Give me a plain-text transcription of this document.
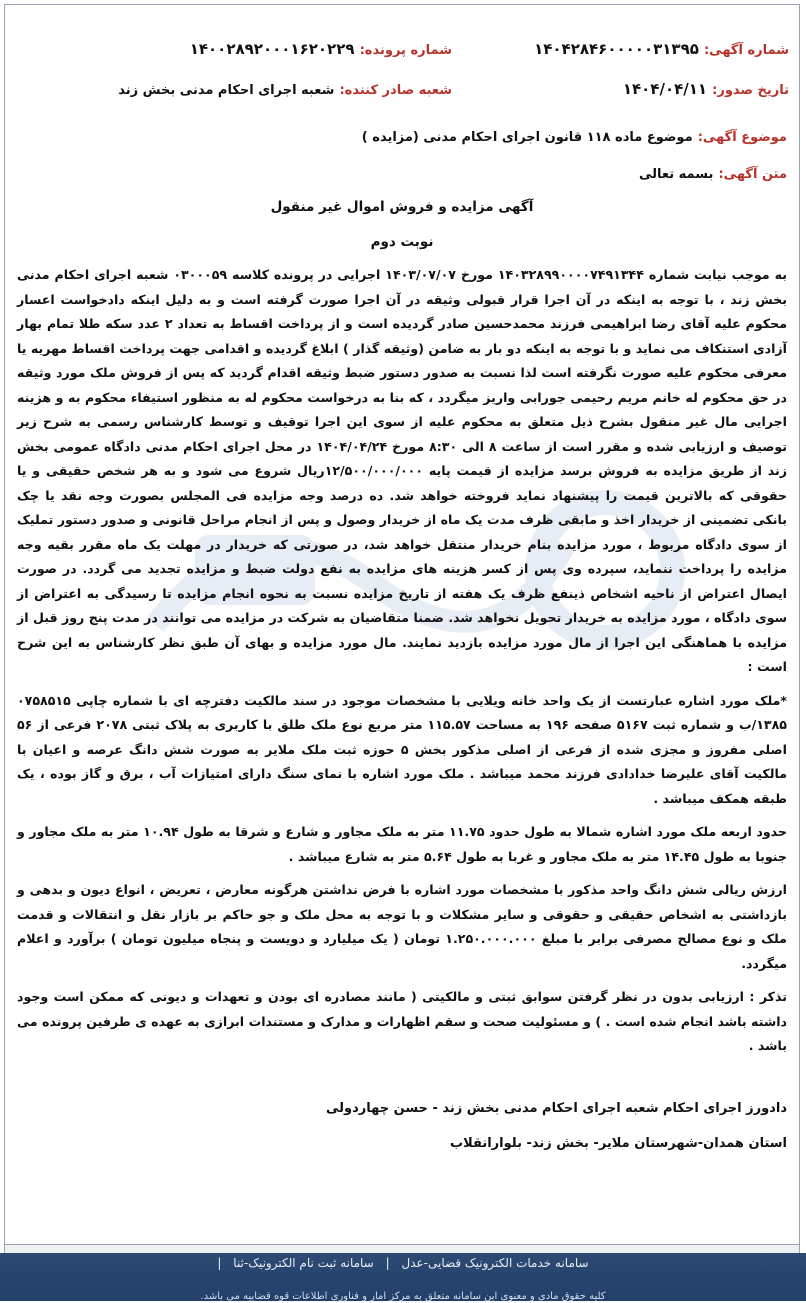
شماره آگهی: ۱۴۰۴۲۸۴۶۰۰۰۰۰۳۱۳۹۵
شماره پرونده: ۱۴۰۰۲۸۹۲۰۰۰۱۶۲۰۲۲۹
تاریخ صدور: ۱۴۰۴/۰۴/۱۱
شعبه صادر کننده: شعبه اجرای احکام مدنی بخش زند
موضوع آگهی: موضوع ماده ۱۱۸ قانون اجرای احکام مدنی (مزایده )
متن آگهی: بسمه تعالی
آگهی مزایده و فروش اموال غیر منقول
نوبت دوم

به موجب نیابت شماره ۱۴۰۳۲۸۹۹۰۰۰۰۷۴۹۱۳۴۴ مورخ ۱۴۰۳/۰۷/۰۷ اجرایی در پرونده کلاسه ۰۳۰۰۰۵۹ شعبه اجرای احکام مدنی بخش زند ، با توجه به اینکه در آن اجرا قرار قبولی وثیقه در آن اجرا صورت گرفته است و به دلیل اینکه دادخواست اعسار محکوم علیه آقای رضا ابراهیمی فرزند محمدحسین صادر گردیده است و از پرداخت اقساط به تعداد ۲ عدد سکه طلا تمام بهار آزادی استنکاف می نماید و با توجه به اینکه دو بار به ضامن (وثیقه گذار ) ابلاغ گردیده و اقدامی جهت پرداخت اقساط مهریه یا معرفی محکوم علیه صورت نگرفته است لذا نسبت به صدور دستور ضبط وثیقه اقدام گردید که پس از فروش ملک مورد وثیقه در حق محکوم له خانم مریم رحیمی جورابی واریز میگردد ، که بنا به درخواست محکوم له به منظور استیفاء محکوم به و هزینه اجرایی مال غیر منقول بشرح ذیل متعلق به محکوم علیه از سوی این اجرا توقیف و توسط کارشناس رسمی به شرح زیر توصیف و ارزیابی شده و مقرر است از ساعت ۸ الی ۸:۳۰ مورخ ۱۴۰۴/۰۴/۲۴ در محل اجرای احکام مدنی دادگاه عمومی بخش زند از طریق مزایده به فروش برسد مزایده از قیمت پایه ۱۲/۵۰۰/۰۰۰/۰۰۰ریال شروع می شود و به هر شخص حقیقی و یا حقوقی که بالاترین قیمت را پیشنهاد نماید فروخته خواهد شد. ده درصد وجه مزایده فی المجلس بصورت وجه نقد یا چک بانکی تضمینی از خریدار اخذ و مابقی ظرف مدت یک ماه از خریدار وصول و پس از انجام مراحل قانونی و صدور دستور تملیک از سوی دادگاه مربوط ، مورد مزایده بنام خریدار منتقل خواهد شد، در صورتی که خریدار در مهلت یک ماه مقرر بقیه وجه مزایده را پرداخت ننماید، سپرده وی پس از کسر هزینه های مزایده به نفع دولت ضبط و مزایده تجدید می گردد. در صورت ایصال اعتراض از ناحیه اشخاص ذینفع ظرف یک هفته از تاریخ مزایده نسبت به نحوه انجام مزایده تا رسیدگی به اعتراض از سوی دادگاه ، مورد مزایده به خریدار تحویل نخواهد شد. ضمنا متقاضیان به شرکت در مزایده می توانند در مدت پنج روز قبل از مزایده با هماهنگی این اجرا از مال مورد مزایده بازدید نمایند. مال مورد مزایده و بهای آن طبق نظر کارشناس به این شرح است :

*ملک مورد اشاره عبارتست از یک واحد خانه ویلایی با مشخصات موجود در سند مالکیت دفترچه ای با شماره چاپی ۰۷۵۸۵۱۵ ۱۳۸۵/ب و شماره ثبت ۵۱۶۷ صفحه ۱۹۶ به مساحت ۱۱۵.۵۷ متر مربع نوع ملک طلق با کاربری به پلاک ثبتی ۲۰۷۸ فرعی از ۵۶ اصلی مفروز و مجزی شده از فرعی از اصلی مذکور بخش ۵ حوزه ثبت ملک ملایر به صورت شش دانگ عرصه و اعیان با مالکیت آقای علیرضا خدادادی فرزند محمد میباشد . ملک مورد اشاره با نمای سنگ دارای امتیازات آب ، برق و گاز بوده ، یک طبقه همکف میباشد .

حدود اربعه ملک مورد اشاره شمالا به طول حدود ۱۱.۷۵ متر به ملک مجاور و شارع و شرقا به طول ۱۰.۹۴ متر به ملک مجاور و جنوبا به طول ۱۴.۴۵ متر به ملک مجاور و غربا به طول ۵.۶۴ متر به شارع میباشد .

ارزش ریالی شش دانگ واحد مذکور با مشخصات مورد اشاره با فرض نداشتن هرگونه معارض ، تعریض ، انواع دیون و بدهی و بازداشتی به اشخاص حقیقی و حقوقی و سایر مشکلات و با توجه به محل ملک و جو حاکم بر بازار نقل و انتقالات و قدمت ملک و نوع مصالح مصرفی برابر با مبلغ ۱.۲۵۰.۰۰۰.۰۰۰ تومان ( یک میلیارد و دویست و پنجاه میلیون تومان ) برآورد و اعلام میگردد.

تذکر : ارزیابی بدون در نظر گرفتن سوابق ثبتی و مالکیتی ( مانند مصادره ای بودن و تعهدات و دیونی که ممکن است وجود داشته باشد انجام شده است . ) و مسئولیت صحت و سقم اظهارات و مدارک و مستندات ابرازی به عهده ی طرفین پرونده می باشد .

دادورز اجرای احکام شعبه اجرای احکام مدنی بخش زند - حسن چهاردولی
استان همدان-شهرستان ملایر- بخش زند- بلوارانقلاب
سامانه خدمات الکترونیک قضایی-عدل | سامانه ثبت نام الکترونیک-ثنا |
کلیه حقوق مادی و معنوی این سامانه متعلق به مرکز آمار و فناوری اطلاعات قوه قضاییه می باشد.
